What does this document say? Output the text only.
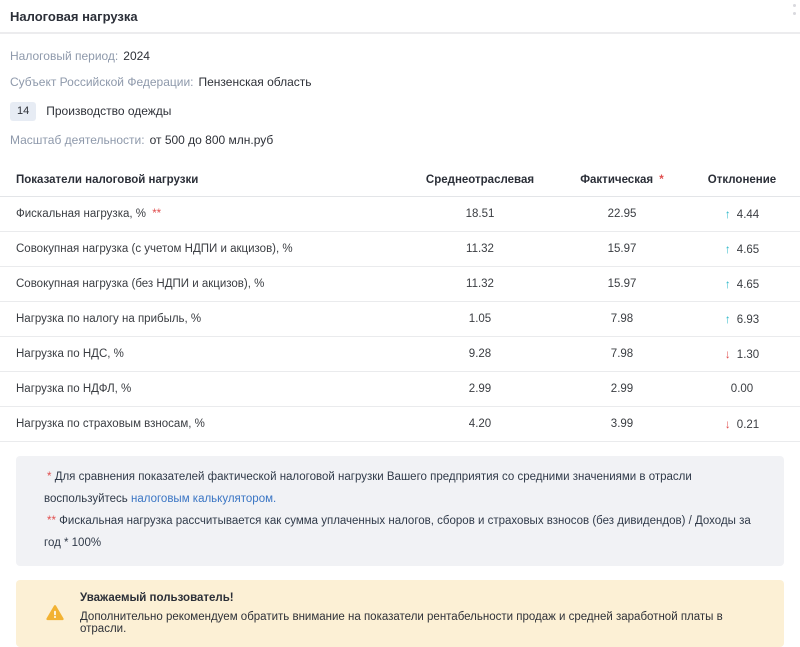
Налоговая нагрузка
Налоговый период: 2024
Субъект Российской Федерации: Пензенская область
14	Производство одежды
Масштаб деятельности: от 500 до 800 млн.руб
Показатели налоговой нагрузки	Среднеотраслевая	Фактическая *	Отклонение
Фискальная нагрузка, % **	18.51	22.95	↑ 4.44
Совокупная нагрузка (с учетом НДПИ и акцизов), %	11.32	15.97	↑ 4.65
Совокупная нагрузка (без НДПИ и акцизов), %	11.32	15.97	↑ 4.65
Нагрузка по налогу на прибыль, %	1.05	7.98	↑ 6.93
Нагрузка по НДС, %	9.28	7.98	↓ 1.30
Нагрузка по НДФЛ, %	2.99	2.99	0.00
Нагрузка по страховым взносам, %	4.20	3.99	↓ 0.21
* Для сравнения показателей фактической налоговой нагрузки Вашего предприятия со средними значениями в отрасли воспользуйтесь налоговым калькулятором.
** Фискальная нагрузка рассчитывается как сумма уплаченных налогов, сборов и страховых взносов (без дивидендов) / Доходы за год * 100%
Уважаемый пользователь!
Дополнительно рекомендуем обратить внимание на показатели рентабельности продаж и средней заработной платы в отрасли.
